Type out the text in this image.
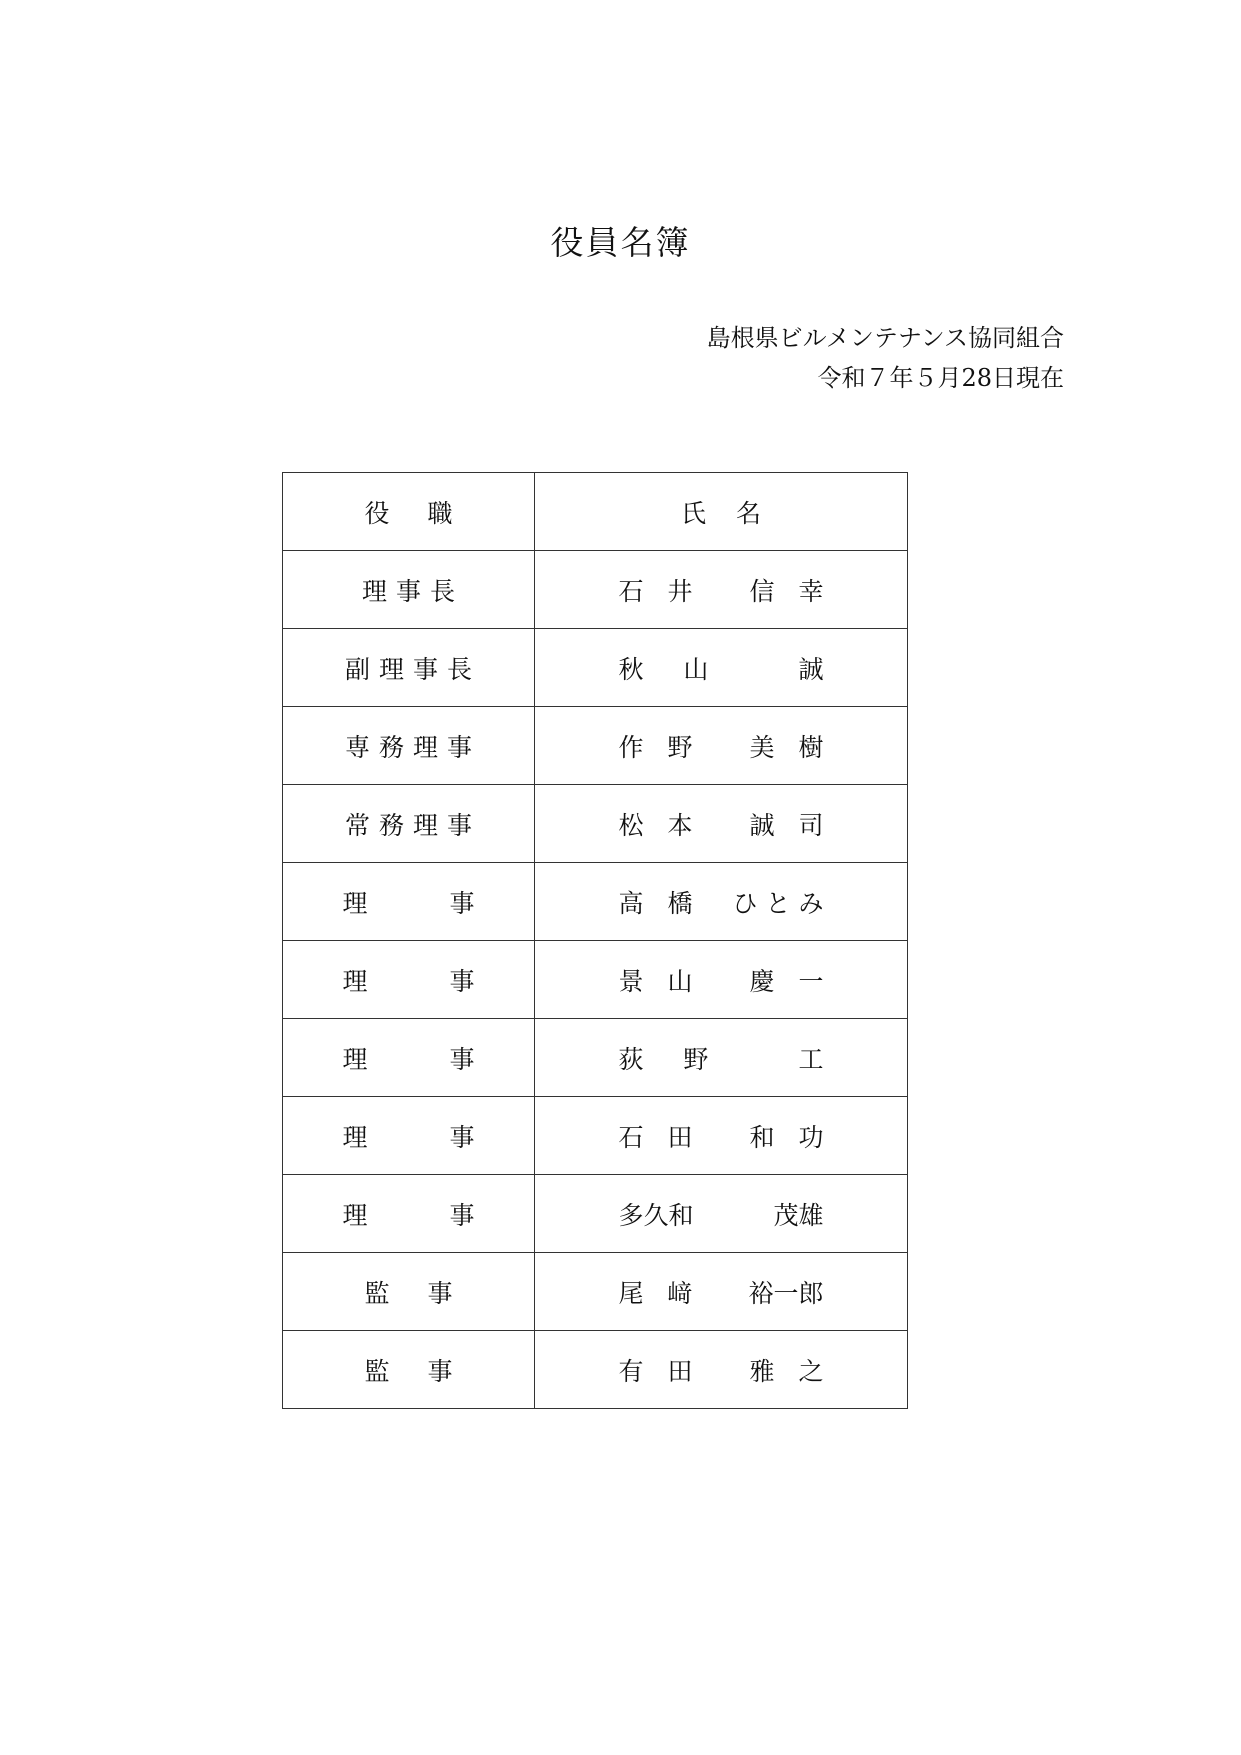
役員名簿
島根県ビルメンテナンス協同組合
令和７年５月28日現在
役 職	氏 名

理事長	石 井 信 幸

副理事長	秋  山 誠

専務理事	作 野 美 樹

常務理事	松 本 誠 司

理 事	高 橋 ひとみ

理 事	景 山 慶 一

理 事	荻  野 工

理 事	石 田 和 功

理 事	多久和 茂雄

監 事	尾 﨑 裕一郎

監 事	有 田 雅 之
